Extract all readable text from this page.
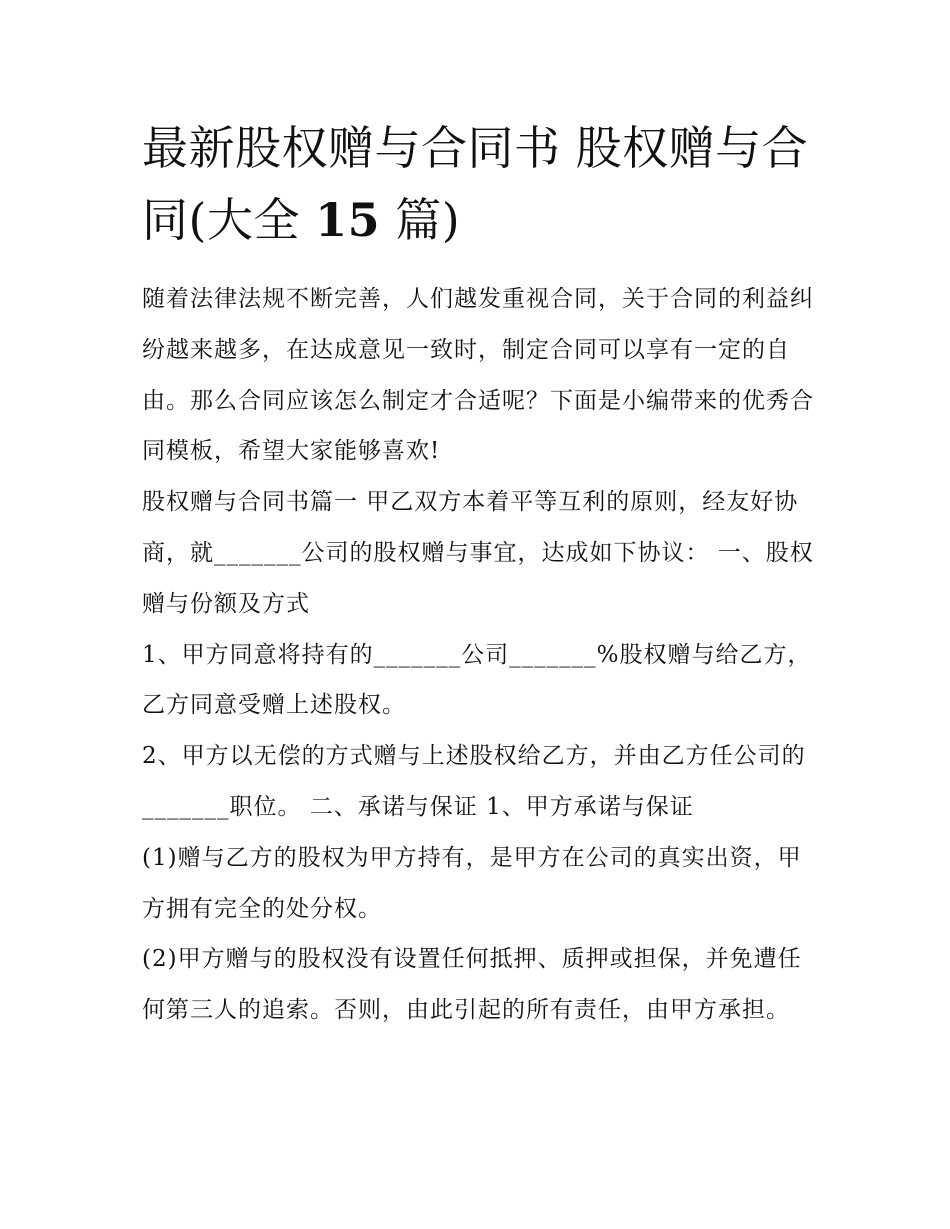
最新股权赠与合同书 股权赠与合同(大全 15 篇)

随着法律法规不断完善，人们越发重视合同，关于合同的利益纠纷越来越多，在达成意见一致时，制定合同可以享有一定的自由。那么合同应该怎么制定才合适呢？下面是小编带来的优秀合同模板，希望大家能够喜欢!

股权赠与合同书篇一 甲乙双方本着平等互利的原则，经友好协商，就_______公司的股权赠与事宜，达成如下协议： 一、股权赠与份额及方式

1、甲方同意将持有的_______公司_______%股权赠与给乙方，乙方同意受赠上述股权。

2、甲方以无偿的方式赠与上述股权给乙方，并由乙方任公司的_______职位。 二、承诺与保证 1、甲方承诺与保证

(1)赠与乙方的股权为甲方持有，是甲方在公司的真实出资，甲方拥有完全的处分权。

(2)甲方赠与的股权没有设置任何抵押、质押或担保，并免遭任何第三人的追索。否则，由此引起的所有责任，由甲方承担。
